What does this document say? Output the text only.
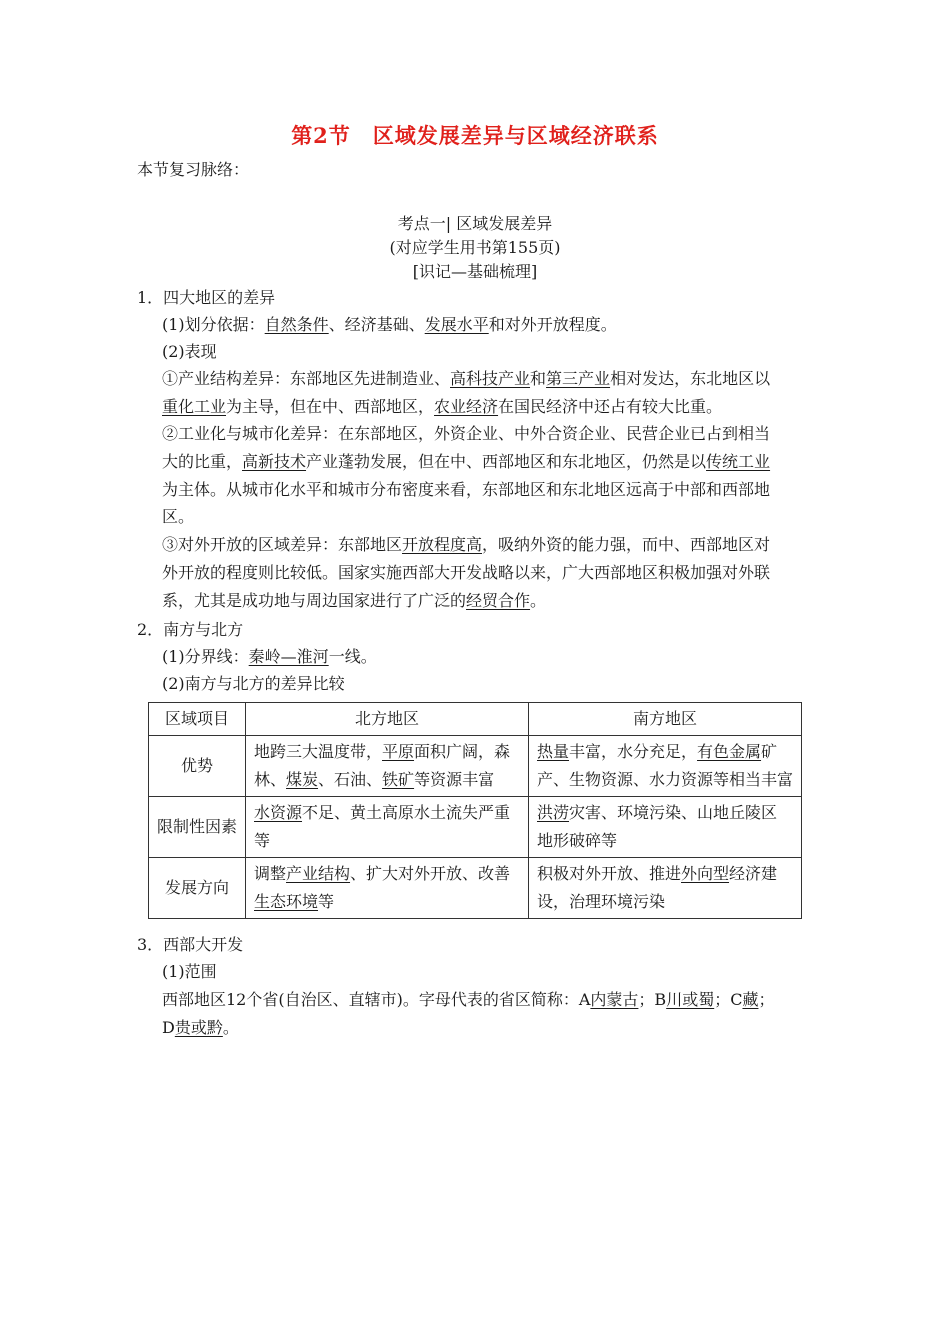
第2节 区域发展差异与区域经济联系
本节复习脉络：
考点一| 区域发展差异
(对应学生用书第155页)
[识记—基础梳理]
1．四大地区的差异
(1)划分依据：自然条件、经济基础、发展水平和对外开放程度。
(2)表现
①产业结构差异：东部地区先进制造业、高科技产业和第三产业相对发达，东北地区以
重化工业为主导，但在中、西部地区，农业经济在国民经济中还占有较大比重。
②工业化与城市化差异：在东部地区，外资企业、中外合资企业、民营企业已占到相当
大的比重，高新技术产业蓬勃发展，但在中、西部地区和东北地区，仍然是以传统工业
为主体。从城市化水平和城市分布密度来看，东部地区和东北地区远高于中部和西部地
区。
③对外开放的区域差异：东部地区开放程度高，吸纳外资的能力强，而中、西部地区对
外开放的程度则比较低。国家实施西部大开发战略以来，广大西部地区积极加强对外联
系，尤其是成功地与周边国家进行了广泛的经贸合作。
2．南方与北方
(1)分界线：秦岭—淮河一线。
(2)南方与北方的差异比较
区域项目	北方地区	南方地区
优势	地跨三大温度带，平原面积广阔，森林、煤炭、石油、铁矿等资源丰富	热量丰富，水分充足，有色金属矿产、生物资源、水力资源等相当丰富
限制性因素	水资源不足、黄土高原水土流失严重等	洪涝灾害、环境污染、山地丘陵区地形破碎等
发展方向	调整产业结构、扩大对外开放、改善生态环境等	积极对外开放、推进外向型经济建设，治理环境污染
3．西部大开发
(1)范围
西部地区12个省(自治区、直辖市)。字母代表的省区简称：A内蒙古；B川或蜀；C藏；
D贵或黔。
